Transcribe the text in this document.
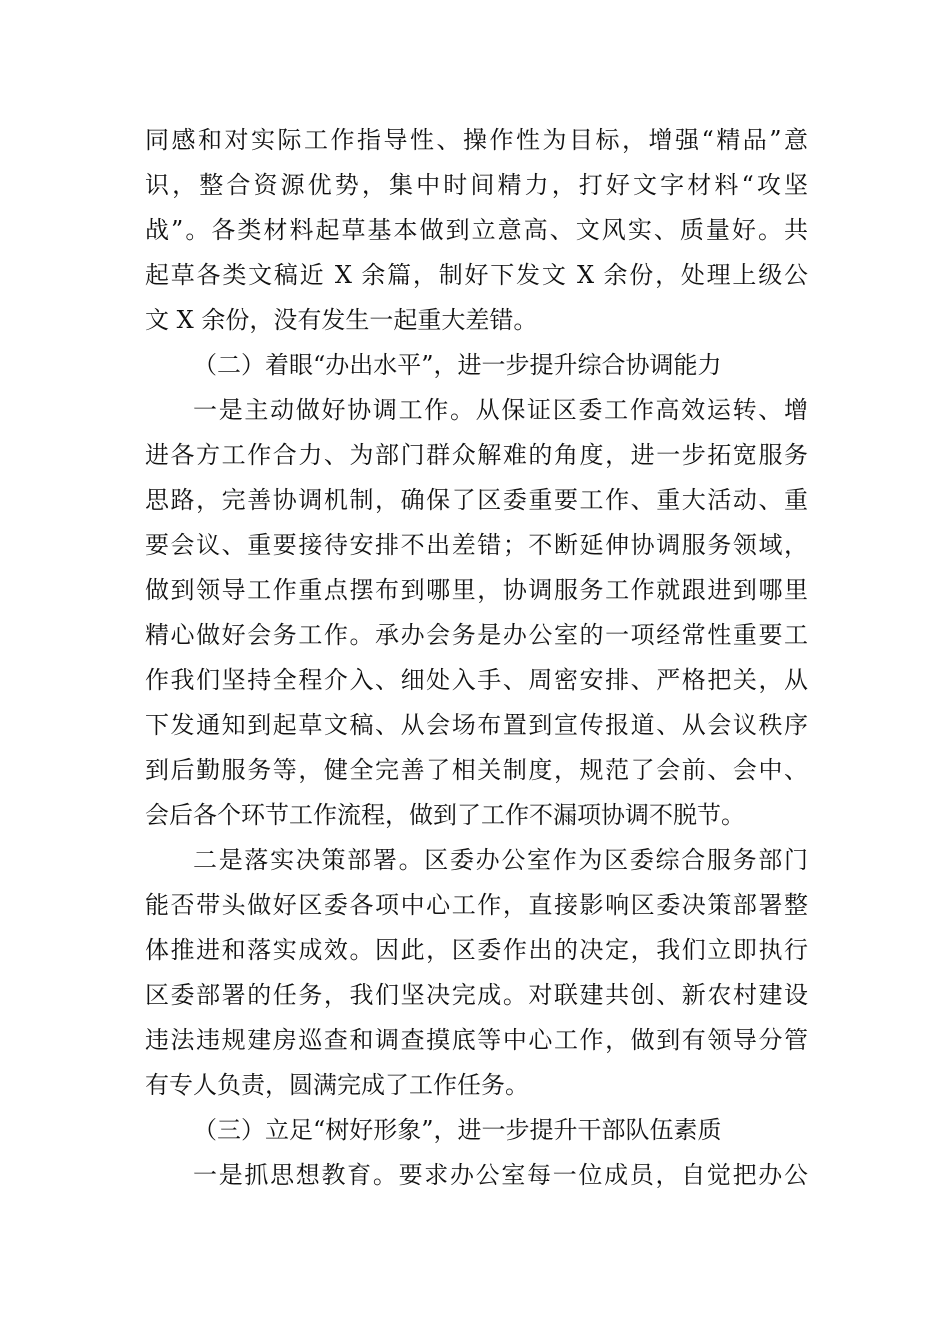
同感和对实际工作指导性、操作性为目标，增强“精品”意
识，整合资源优势，集中时间精力，打好文字材料“攻坚
战”。各类材料起草基本做到立意高、文风实、质量好。共
起草各类文稿近 X 余篇，制好下发文 X 余份，处理上级公
文 X 余份，没有发生一起重大差错。
（二）着眼“办出水平”，进一步提升综合协调能力
一是主动做好协调工作。从保证区委工作高效运转、增
进各方工作合力、为部门群众解难的角度，进一步拓宽服务
思路，完善协调机制，确保了区委重要工作、重大活动、重
要会议、重要接待安排不出差错；不断延伸协调服务领域，
做到领导工作重点摆布到哪里，协调服务工作就跟进到哪里
精心做好会务工作。承办会务是办公室的一项经常性重要工
作我们坚持全程介入、细处入手、周密安排、严格把关，从
下发通知到起草文稿、从会场布置到宣传报道、从会议秩序
到后勤服务等，健全完善了相关制度，规范了会前、会中、
会后各个环节工作流程，做到了工作不漏项协调不脱节。
二是落实决策部署。区委办公室作为区委综合服务部门
能否带头做好区委各项中心工作，直接影响区委决策部署整
体推进和落实成效。因此，区委作出的决定，我们立即执行
区委部署的任务，我们坚决完成。对联建共创、新农村建设
违法违规建房巡查和调查摸底等中心工作，做到有领导分管
有专人负责，圆满完成了工作任务。
（三）立足“树好形象”，进一步提升干部队伍素质
一是抓思想教育。要求办公室每一位成员，自觉把办公
